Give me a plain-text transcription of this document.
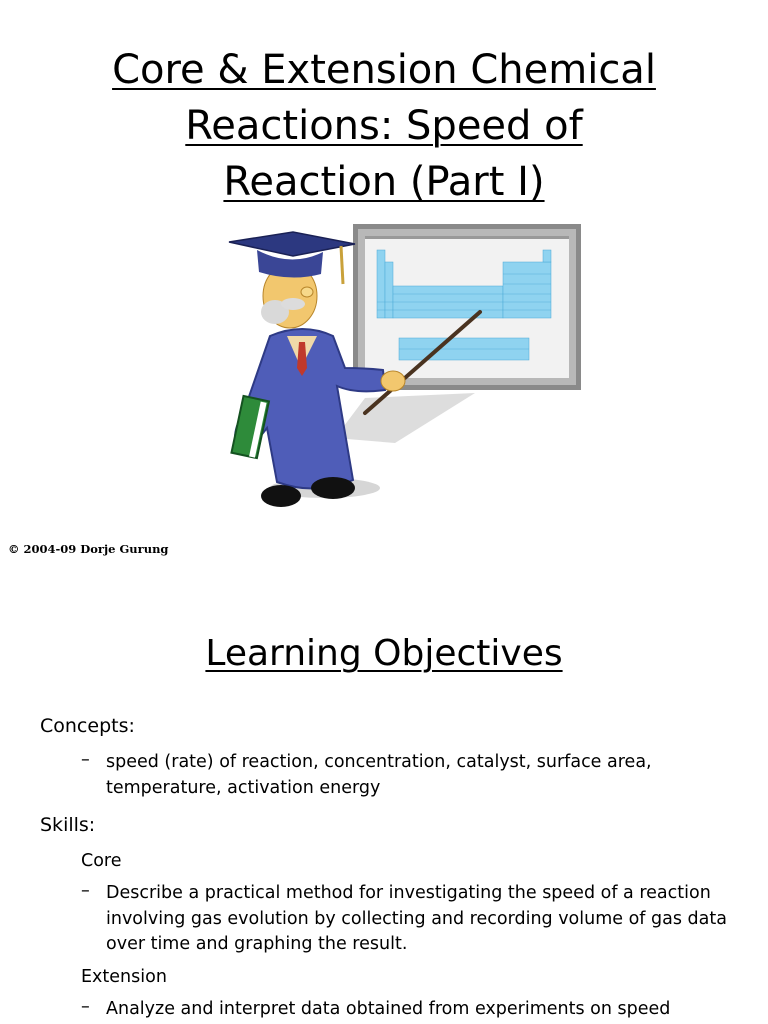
Core & Extension Chemical
Reactions: Speed of
Reaction (Part I)
© 2004-09 Dorje Gurung
Learning Objectives
Concepts:
– speed (rate) of reaction, concentration, catalyst, surface area, temperature, activation energy
Skills:
Core
– Describe a practical method for investigating the speed of a reaction involving gas evolution by collecting and recording volume of gas data over time and graphing the result.
Extension
– Analyze and interpret data obtained from experiments on speed
